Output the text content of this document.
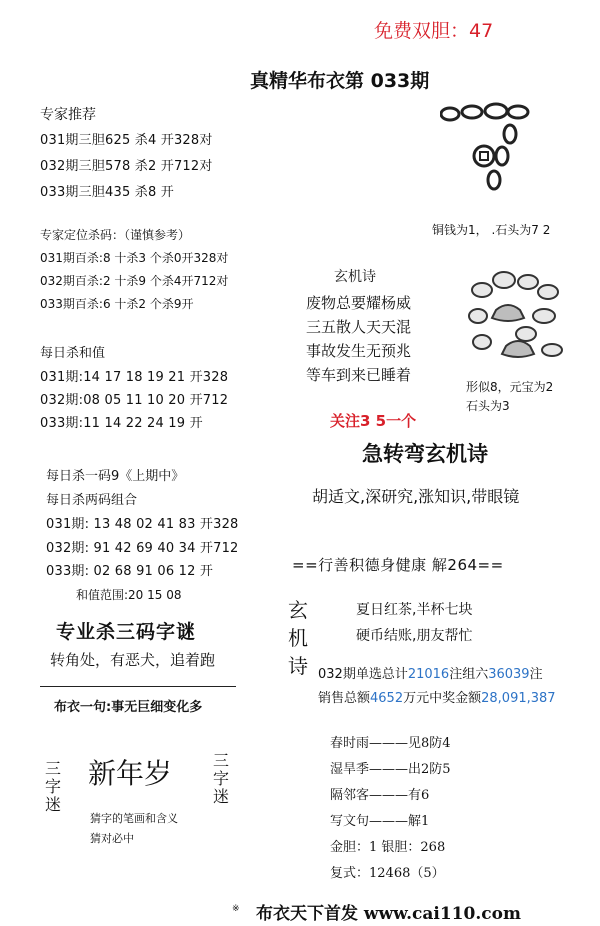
免费双胆：47
真精华布衣第 033期
专家推荐
031期三胆625 杀4 开328对
032期三胆578 杀2 开712对
033期三胆435 杀8 开
专家定位杀码：（谨慎参考）
031期百杀:8 十杀3 个杀0开328对
032期百杀:2 十杀9 个杀4开712对
033期百杀:6 十杀2 个杀9开
每日杀和值
031期:14 17 18 19 21 开328
032期:08 05 11 10 20 开712
033期:11 14 22 24 19 开
每日杀一码9《上期中》
每日杀两码组合
031期: 13 48 02 41 83 开328
032期: 91 42 69 40 34 开712
033期: 02 68 91 06 12 开
和值范围:20 15 08
专业杀三码字谜
转角处，有恶犬，追着跑
布衣一句:事无巨细变化多
三字迷
新年岁	三字迷
猜字的笔画和含义
猜对必中
铜钱为1， .石头为7 2
玄机诗
废物总要耀杨威
三五散人天天混
事故发生无预兆
等车到来已睡着
形似8，元宝为2
石头为3
关注3 5一个
急转弯玄机诗
胡适文,深研究,涨知识,带眼镜
==行善积德身健康 解264==
玄机诗
夏日红茶,半杯七块
硬币结账,朋友帮忙
032期单选总计21016注组六36039注
销售总额4652万元中奖金额28,091,387
春时雨———见8防4
湿旱季———出2防5
隔邻客———有6
写文句———解1
金胆：1 银胆：268
复式：12468（5）
※ 布衣天下首发 www.cai110.com
